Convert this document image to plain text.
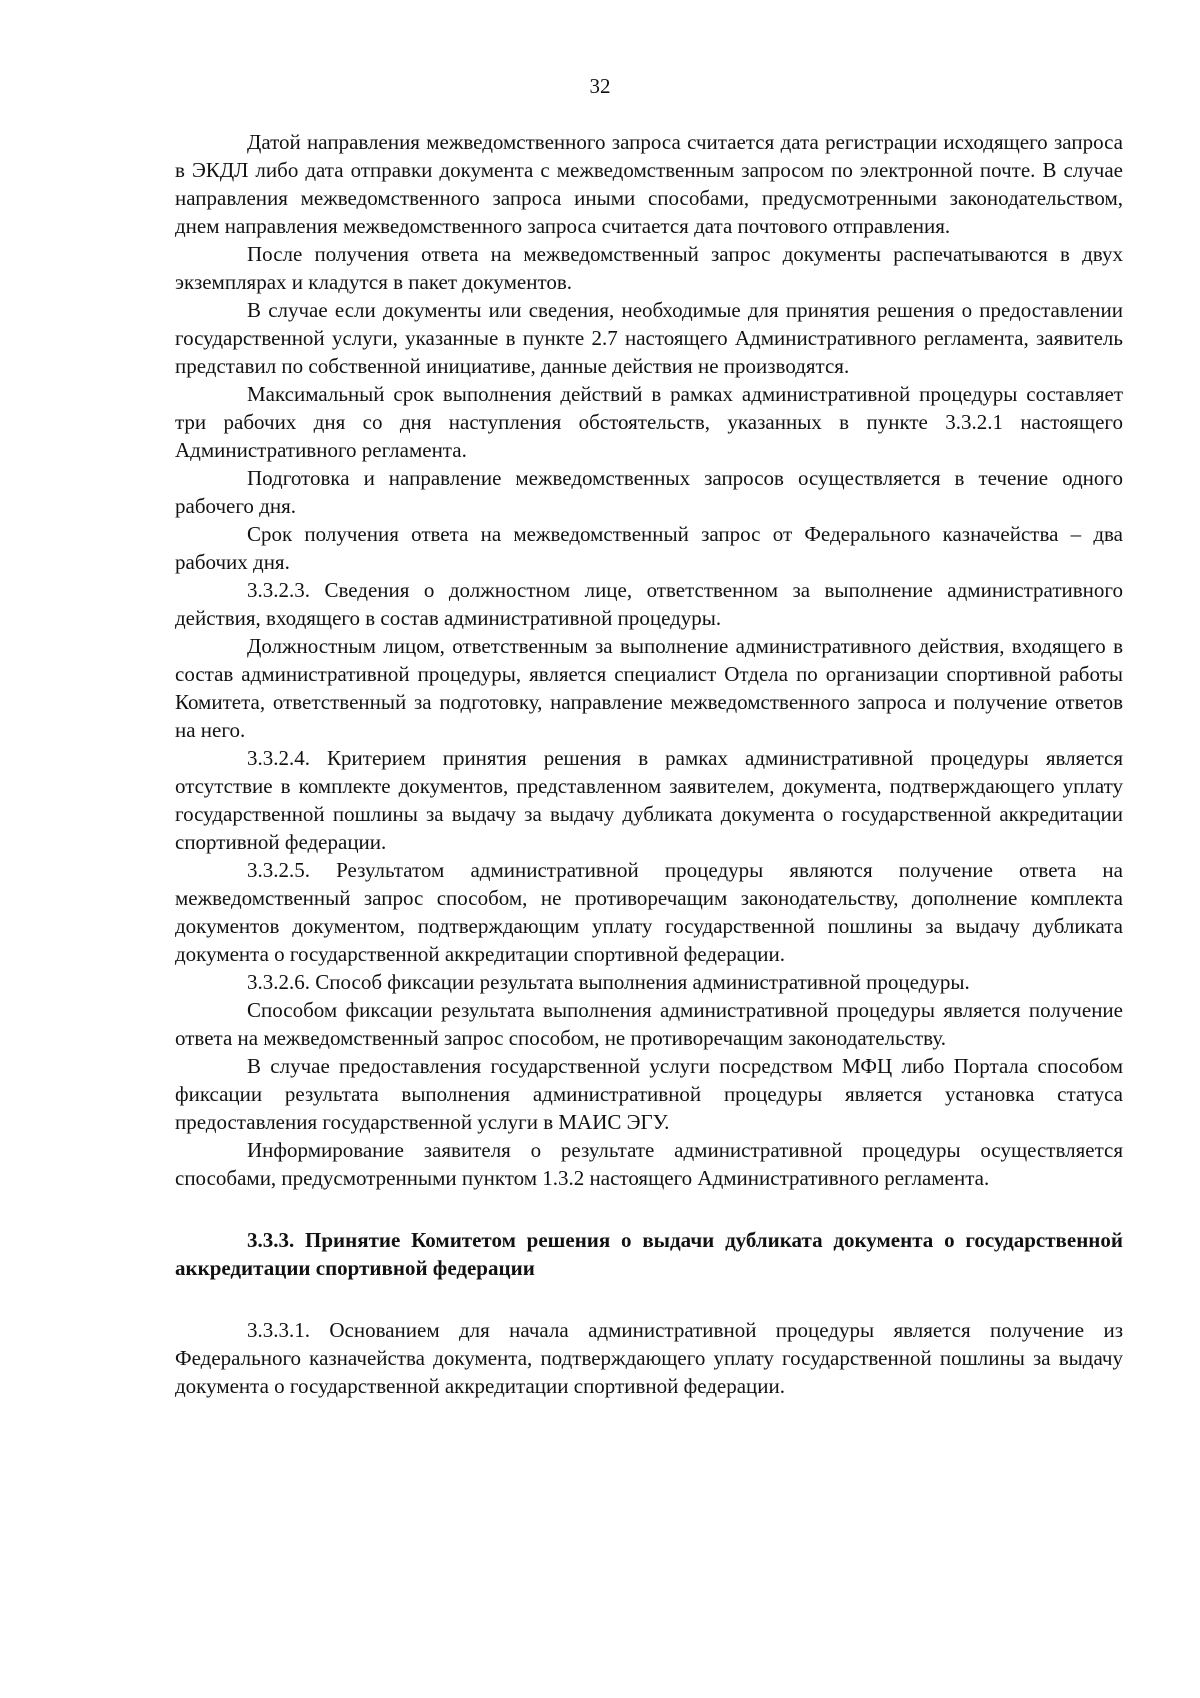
32

Датой направления межведомственного запроса считается дата регистрации исходящего запроса в ЭКДЛ либо дата отправки документа с межведомственным запросом по электронной почте. В случае направления межведомственного запроса иными способами, предусмотренными законодательством, днем направления межведомственного запроса считается дата почтового отправления.

После получения ответа на межведомственный запрос документы распечатываются в двух экземплярах и кладутся в пакет документов.

В случае если документы или сведения, необходимые для принятия решения о предоставлении государственной услуги, указанные в пункте 2.7 настоящего Административного регламента, заявитель представил по собственной инициативе, данные действия не производятся.

Максимальный срок выполнения действий в рамках административной процедуры составляет три рабочих дня со дня наступления обстоятельств, указанных в пункте 3.3.2.1 настоящего Административного регламента.

Подготовка и направление межведомственных запросов осуществляется в течение одного рабочего дня.

Срок получения ответа на межведомственный запрос от Федерального казначейства – два рабочих дня.

3.3.2.3. Сведения о должностном лице, ответственном за выполнение административного действия, входящего в состав административной процедуры.

Должностным лицом, ответственным за выполнение административного действия, входящего в состав административной процедуры, является специалист Отдела по организации спортивной работы Комитета, ответственный за подготовку, направление межведомственного запроса и получение ответов на него.

3.3.2.4. Критерием принятия решения в рамках административной процедуры является отсутствие в комплекте документов, представленном заявителем, документа, подтверждающего уплату государственной пошлины за выдачу за выдачу дубликата документа о государственной аккредитации спортивной федерации.

3.3.2.5. Результатом административной процедуры являются получение ответа на межведомственный запрос способом, не противоречащим законодательству, дополнение комплекта документов документом, подтверждающим уплату государственной пошлины за выдачу дубликата документа о государственной аккредитации спортивной федерации.

3.3.2.6. Способ фиксации результата выполнения административной процедуры.

Способом фиксации результата выполнения административной процедуры является получение ответа на межведомственный запрос способом, не противоречащим законодательству.

В случае предоставления государственной услуги посредством МФЦ либо Портала способом фиксации результата выполнения административной процедуры является установка статуса предоставления государственной услуги в МАИС ЭГУ.

Информирование заявителя о результате административной процедуры осуществляется способами, предусмотренными пунктом 1.3.2 настоящего Административного регламента.

3.3.3. Принятие Комитетом решения о выдачи дубликата документа о государственной аккредитации спортивной федерации

3.3.3.1. Основанием для начала административной процедуры является получение из Федерального казначейства документа, подтверждающего уплату государственной пошлины за выдачу документа о государственной аккредитации спортивной федерации.
